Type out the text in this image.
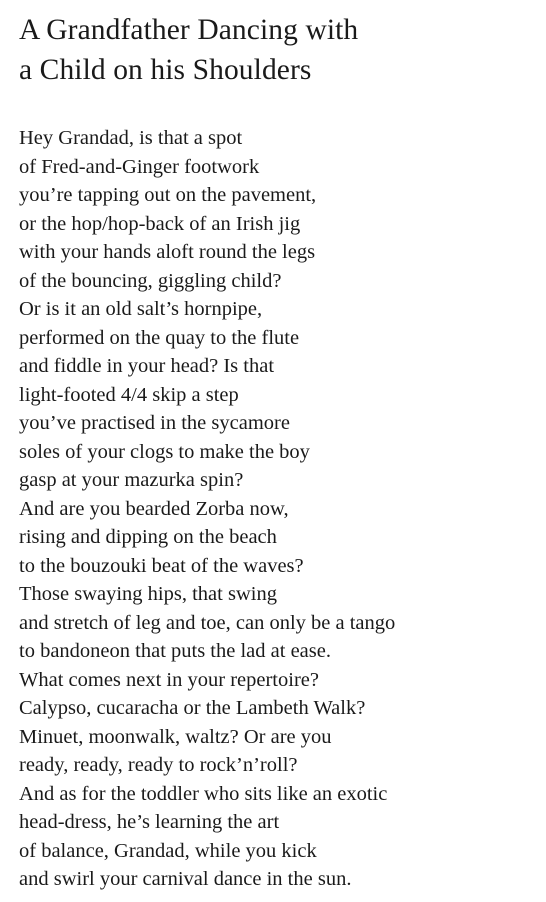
A Grandfather Dancing with
a Child on his Shoulders
Hey Grandad, is that a spot
of Fred-and-Ginger footwork
you’re tapping out on the pavement,
or the hop/hop-back of an Irish jig
with your hands aloft round the legs
of the bouncing, giggling child?
Or is it an old salt’s hornpipe,
performed on the quay to the flute
and fiddle in your head? Is that
light-footed 4/4 skip a step
you’ve practised in the sycamore
soles of your clogs to make the boy
gasp at your mazurka spin?
And are you bearded Zorba now,
rising and dipping on the beach
to the bouzouki beat of the waves?
Those swaying hips, that swing
and stretch of leg and toe, can only be a tango
to bandoneon that puts the lad at ease.
What comes next in your repertoire?
Calypso, cucaracha or the Lambeth Walk?
Minuet, moonwalk, waltz? Or are you
ready, ready, ready to rock’n’roll?
And as for the toddler who sits like an exotic
head-dress, he’s learning the art
of balance, Grandad, while you kick
and swirl your carnival dance in the sun.
